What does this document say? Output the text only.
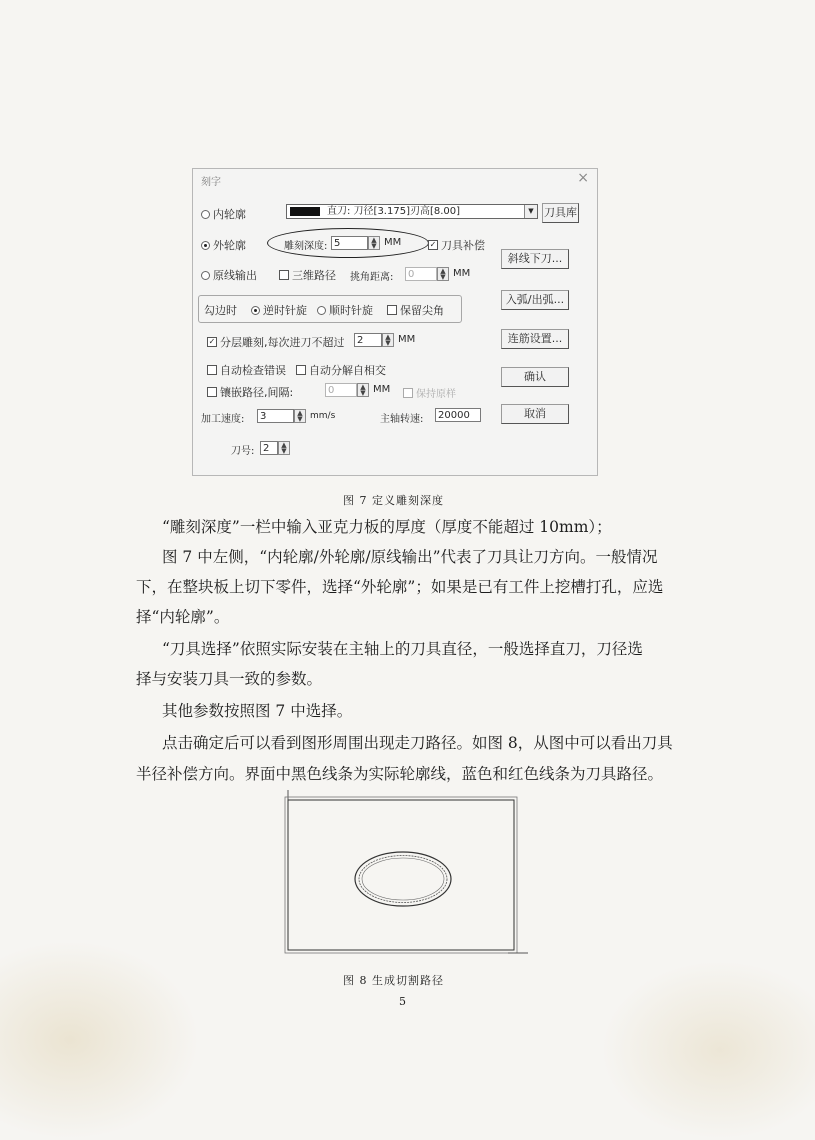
刻字	×
内轮廓	直刀: 刀径[3.175]刃高[8.00]	▼ 刀具库
外轮廓	雕刻深度: 5	▲
▼ MM	✓ 刀具补偿
斜线下刀...
原线输出	三维路径	挑角距离:	0	▲
▼ MM
勾边时	逆时针旋	顺时针旋	保留尖角
入弧/出弧...
✓ 分层雕刻,每次进刀不超过	2	▲
▼ MM	连筋设置...
自动检查错误	自动分解自相交	确认
镶嵌路径,间隔:	0	▲
▼ MM	保持原样
加工速度:	3	▲
▼ mm/s	主轴转速:	20000	取消
刀号: 2	▲
▼
图 7 定义雕刻深度
“雕刻深度”一栏中输入亚克力板的厚度（厚度不能超过 10mm）；
图 7 中左侧，“内轮廓/外轮廓/原线输出”代表了刀具让刀方向。一般情况
下，在整块板上切下零件，选择“外轮廓”；如果是已有工件上挖槽打孔，应选
择“内轮廓”。
“刀具选择”依照实际安装在主轴上的刀具直径，一般选择直刀，刀径选
择与安装刀具一致的参数。
其他参数按照图 7 中选择。
点击确定后可以看到图形周围出现走刀路径。如图 8，从图中可以看出刀具
半径补偿方向。界面中黑色线条为实际轮廓线，蓝色和红色线条为刀具路径。
图 8 生成切割路径
5
